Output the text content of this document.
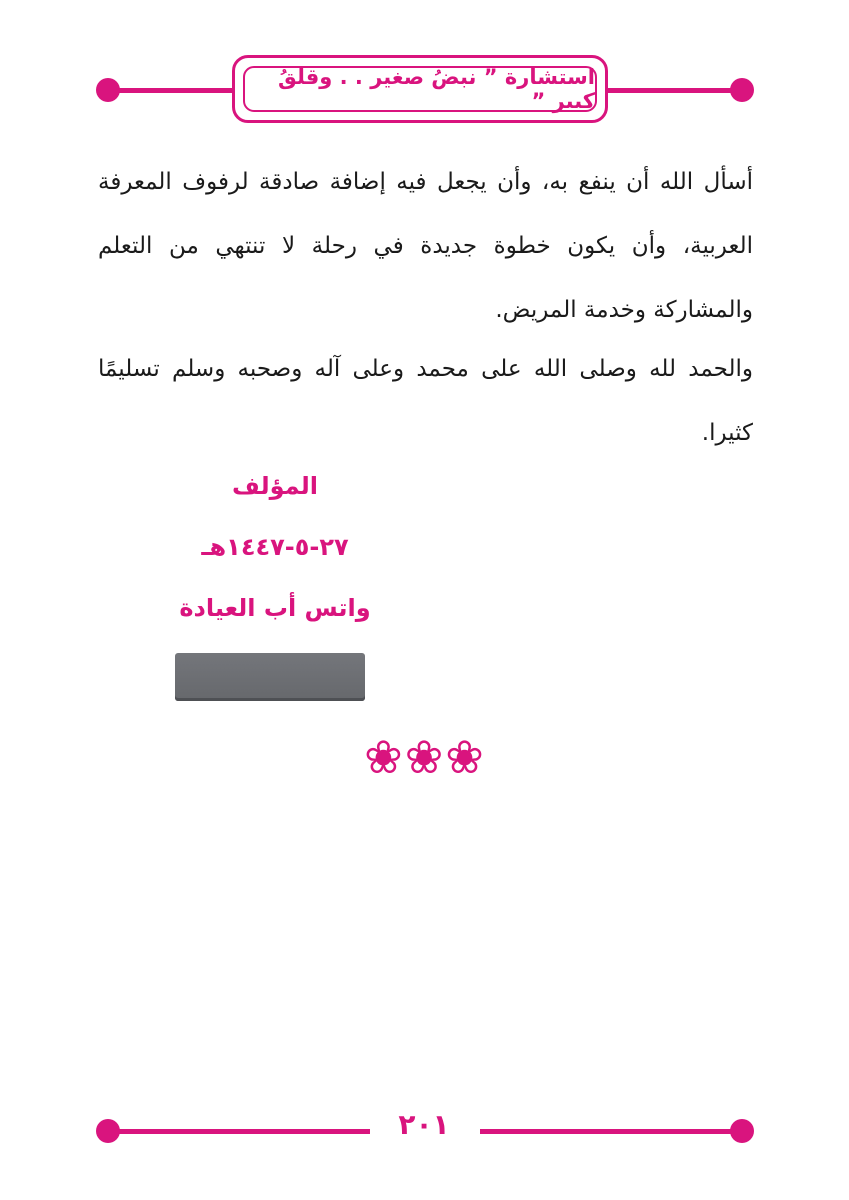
استشارة ” نبضُ صغير . . وقلقُ كبير ”
أسأل الله أن ينفع به، وأن يجعل فيه إضافة صادقة لرفوف المعرفة العربية، وأن يكون خطوة جديدة في رحلة لا تنتهي من التعلم والمشاركة وخدمة المريض.
والحمد لله وصلى الله على محمد وعلى آله وصحبه وسلم تسليمًا كثيرا.
المؤلف
٢٧-٥-١٤٤٧هـ
واتس أب العيادة
❀❀❀
٢٠١
